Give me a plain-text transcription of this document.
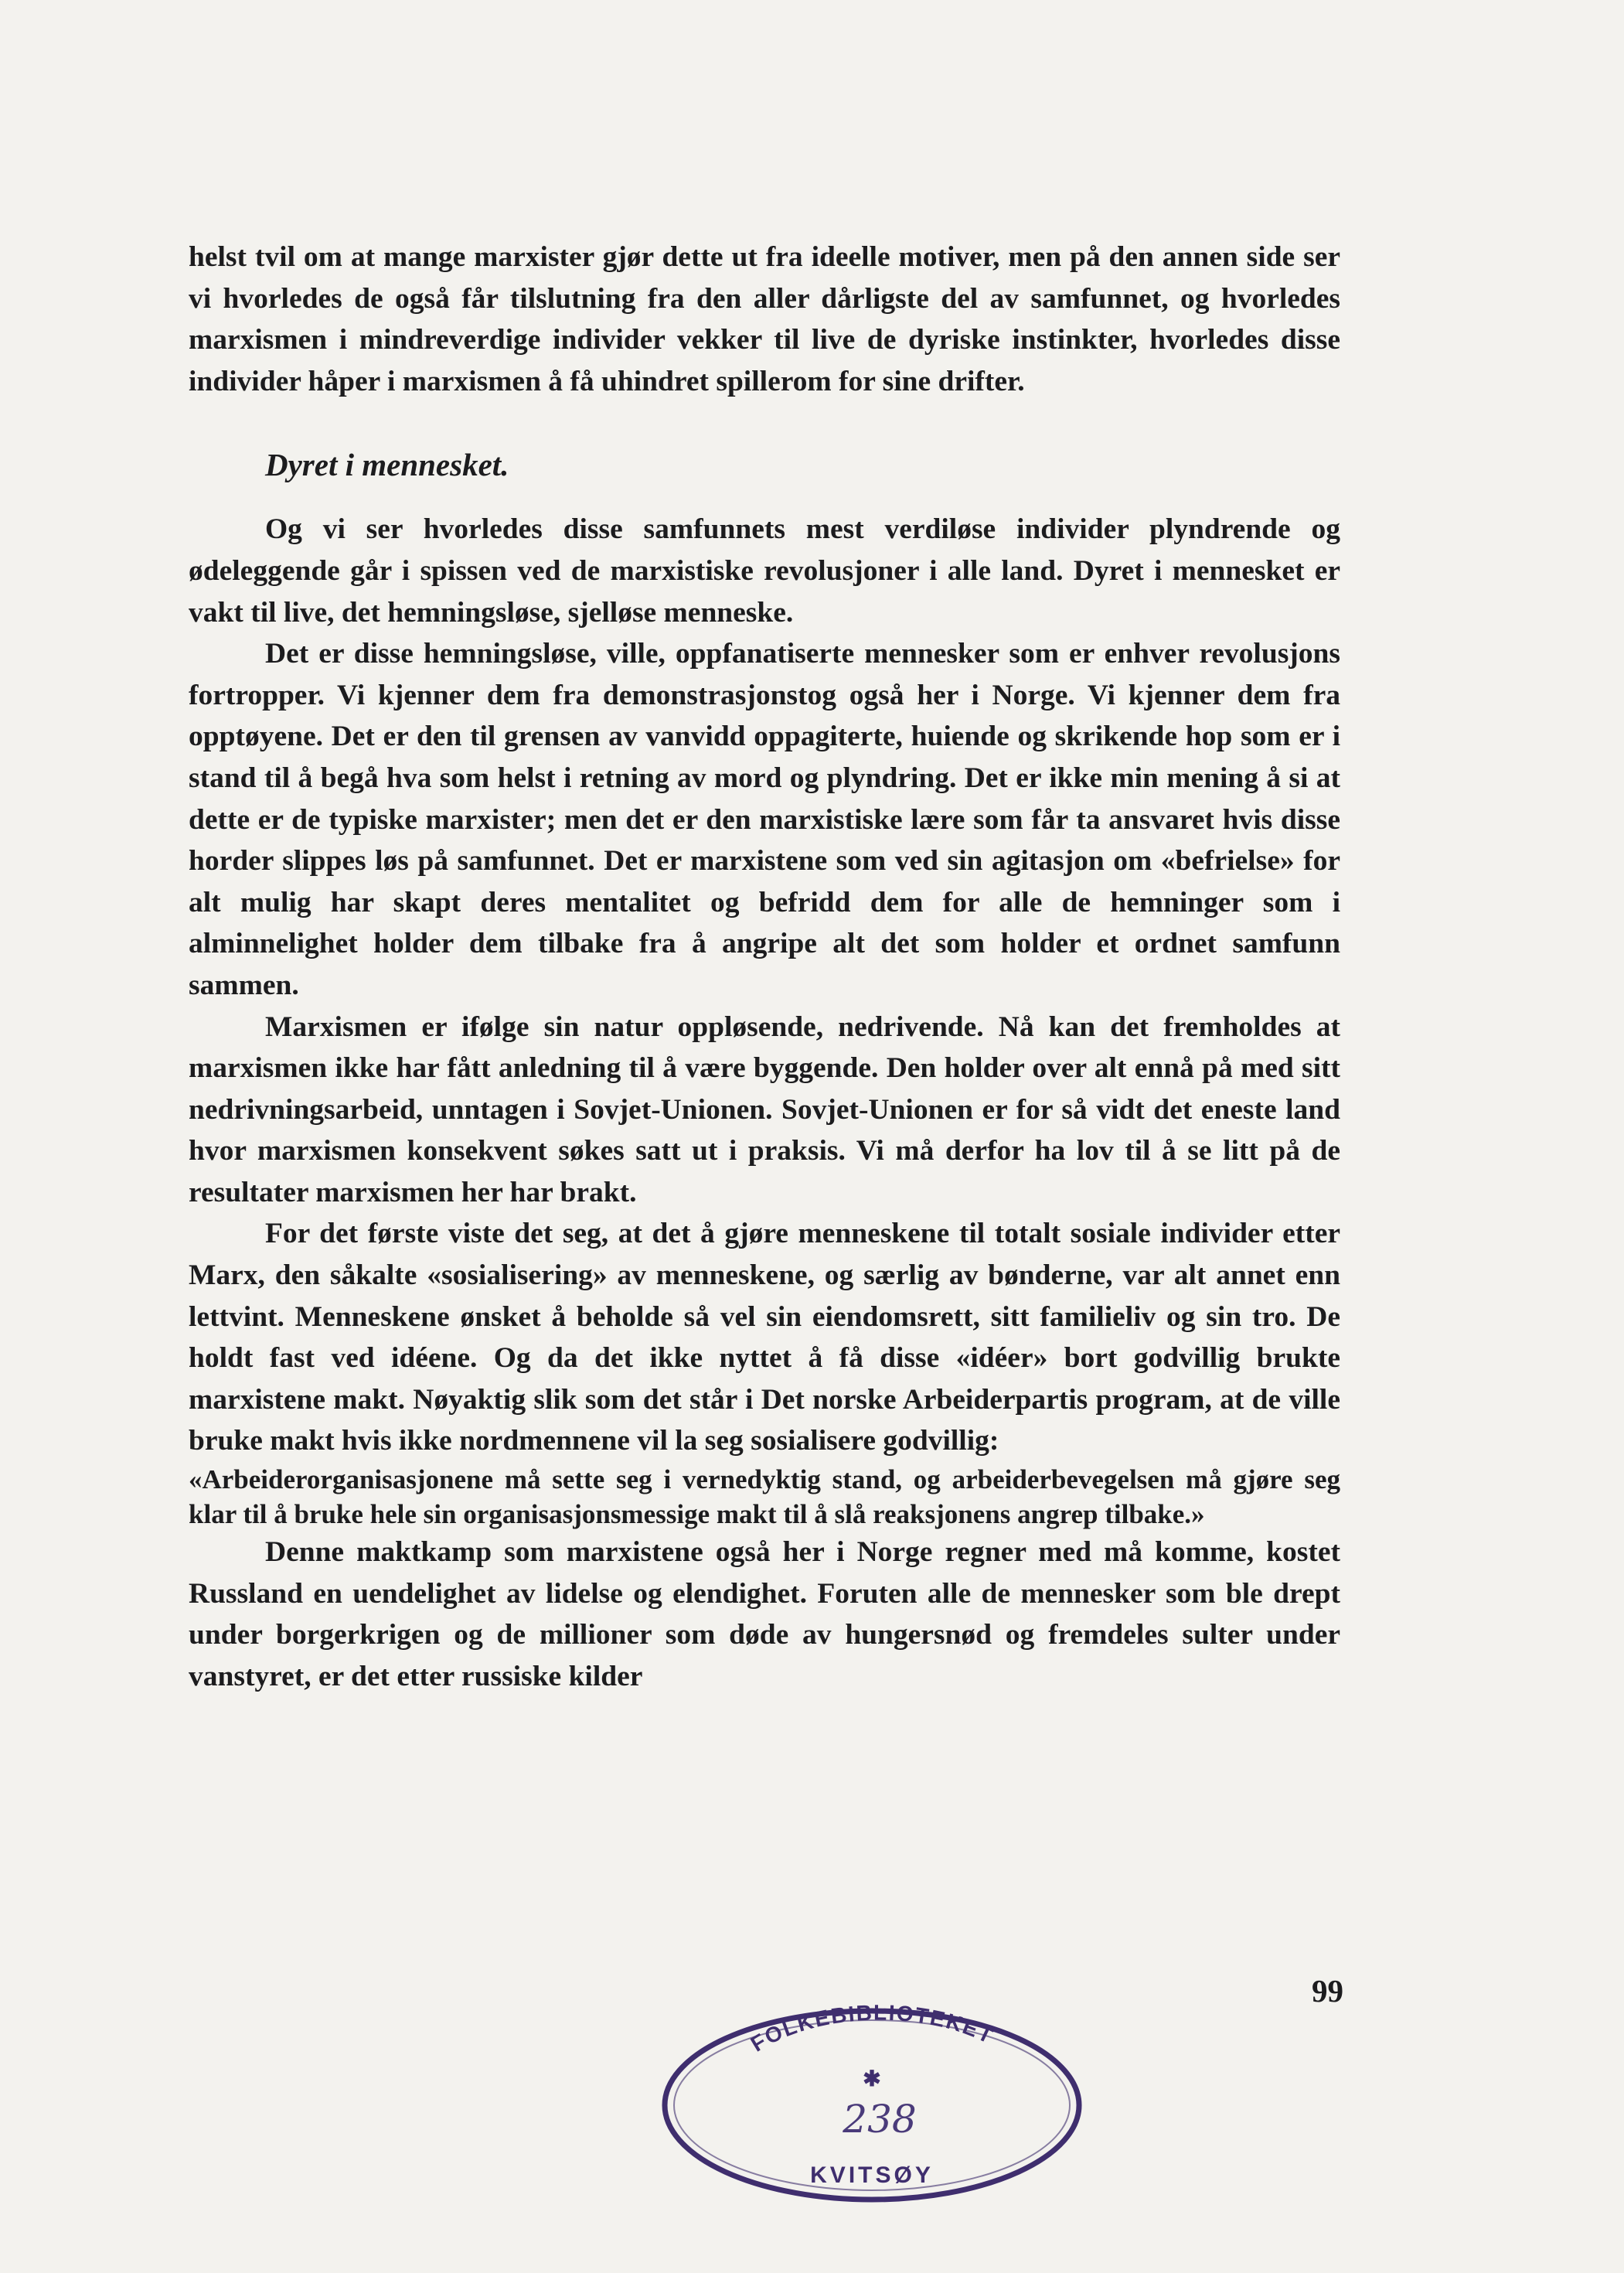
helst tvil om at mange marxister gjør dette ut fra ideelle motiver, men på den annen side ser vi hvorledes de også får tilslutning fra den aller dårligste del av samfunnet, og hvorledes marxismen i mindreverdige individer vekker til live de dyriske instinkter, hvorledes disse individer håper i marxismen å få uhindret spillerom for sine drifter.

Dyret i mennesket.

Og vi ser hvorledes disse samfunnets mest verdiløse individer plyndrende og ødeleggende går i spissen ved de marxistiske revolusjoner i alle land. Dyret i mennesket er vakt til live, det hemningsløse, sjelløse menneske.

Det er disse hemningsløse, ville, oppfanatiserte mennesker som er enhver revolusjons fortropper. Vi kjenner dem fra demonstrasjonstog også her i Norge. Vi kjenner dem fra opptøyene. Det er den til grensen av vanvidd oppagiterte, huiende og skrikende hop som er i stand til å begå hva som helst i retning av mord og plyndring. Det er ikke min mening å si at dette er de typiske marxister; men det er den marxistiske lære som får ta ansvaret hvis disse horder slippes løs på samfunnet. Det er marxistene som ved sin agitasjon om «befrielse» for alt mulig har skapt deres mentalitet og befridd dem for alle de hemninger som i alminnelighet holder dem tilbake fra å angripe alt det som holder et ordnet samfunn sammen.

Marxismen er ifølge sin natur oppløsende, nedrivende. Nå kan det fremholdes at marxismen ikke har fått anledning til å være byggende. Den holder over alt ennå på med sitt nedrivningsarbeid, unntagen i Sovjet-Unionen. Sovjet-Unionen er for så vidt det eneste land hvor marxismen konsekvent søkes satt ut i praksis. Vi må derfor ha lov til å se litt på de resultater marxismen her har brakt.

For det første viste det seg, at det å gjøre menneskene til totalt sosiale individer etter Marx, den såkalte «sosialisering» av menneskene, og særlig av bønderne, var alt annet enn lettvint. Menneskene ønsket å beholde så vel sin eiendomsrett, sitt familieliv og sin tro. De holdt fast ved idéene. Og da det ikke nyttet å få disse «idéer» bort godvillig brukte marxistene makt. Nøyaktig slik som det står i Det norske Arbeiderpartis program, at de ville bruke makt hvis ikke nordmennene vil la seg sosialisere godvillig:

«Arbeiderorganisasjonene må sette seg i vernedyktig stand, og arbeiderbevegelsen må gjøre seg klar til å bruke hele sin organisasjonsmessige makt til å slå reaksjonens angrep tilbake.»

Denne maktkamp som marxistene også her i Norge regner med må komme, kostet Russland en uendelighet av lidelse og elendighet. Foruten alle de mennesker som ble drept under borgerkrigen og de millioner som døde av hungersnød og fremdeles sulter under vanstyret, er det etter russiske kilder

99
FOLKEBIBLIOTEKET
✱
238
KVITSØY
